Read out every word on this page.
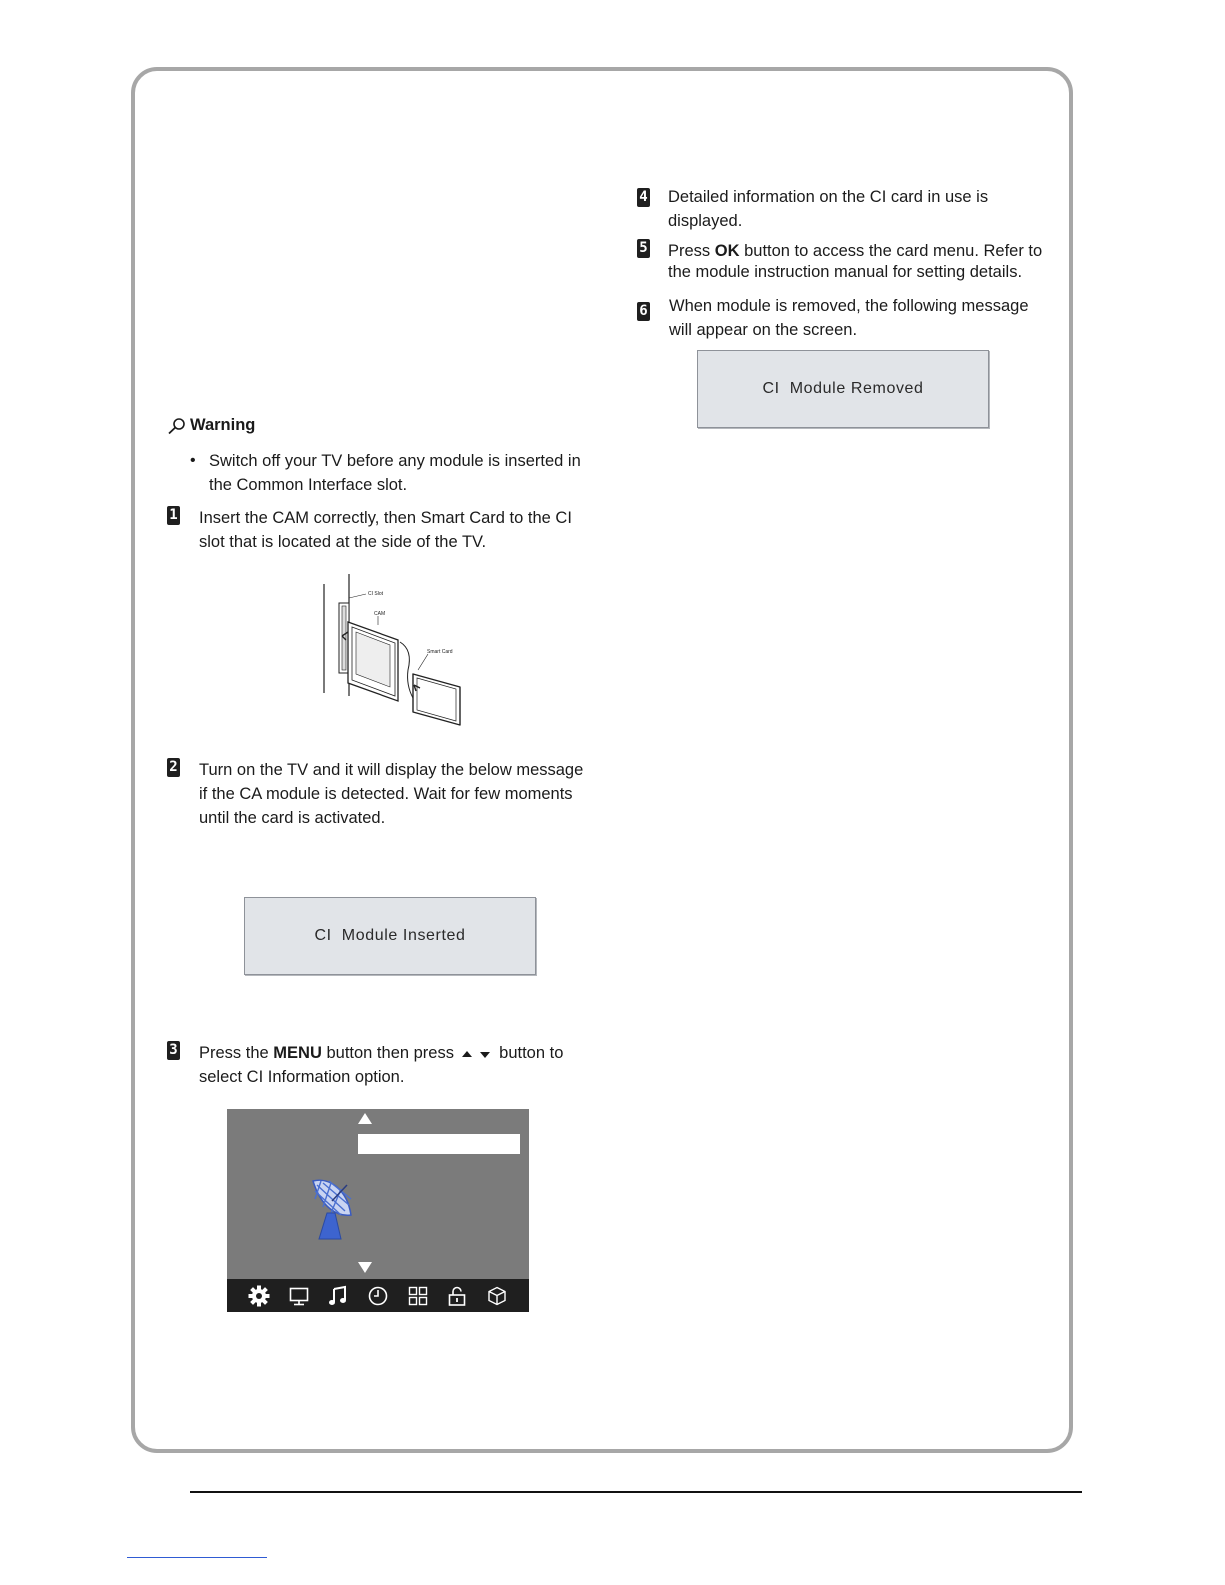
4 Detailed information on the CI card in use is
displayed.
5 Press OK button to access the card menu. Refer to
the module instruction manual for setting details.
6 When module is removed, the following message
will appear on the screen.
CI  Module Removed
Warning
• Switch off your TV before any module is inserted in
the Common Interface slot.
1 Insert the CAM correctly, then Smart Card to the CI
slot that is located at the side of the TV.
CI Slot
CAM
Smart Card
2 Turn on the TV and it will display the below message
if the CA module is detected. Wait for few moments
until the card is activated.
CI  Module Inserted
3 Press the MENU button then press  button to
select CI Information option.
